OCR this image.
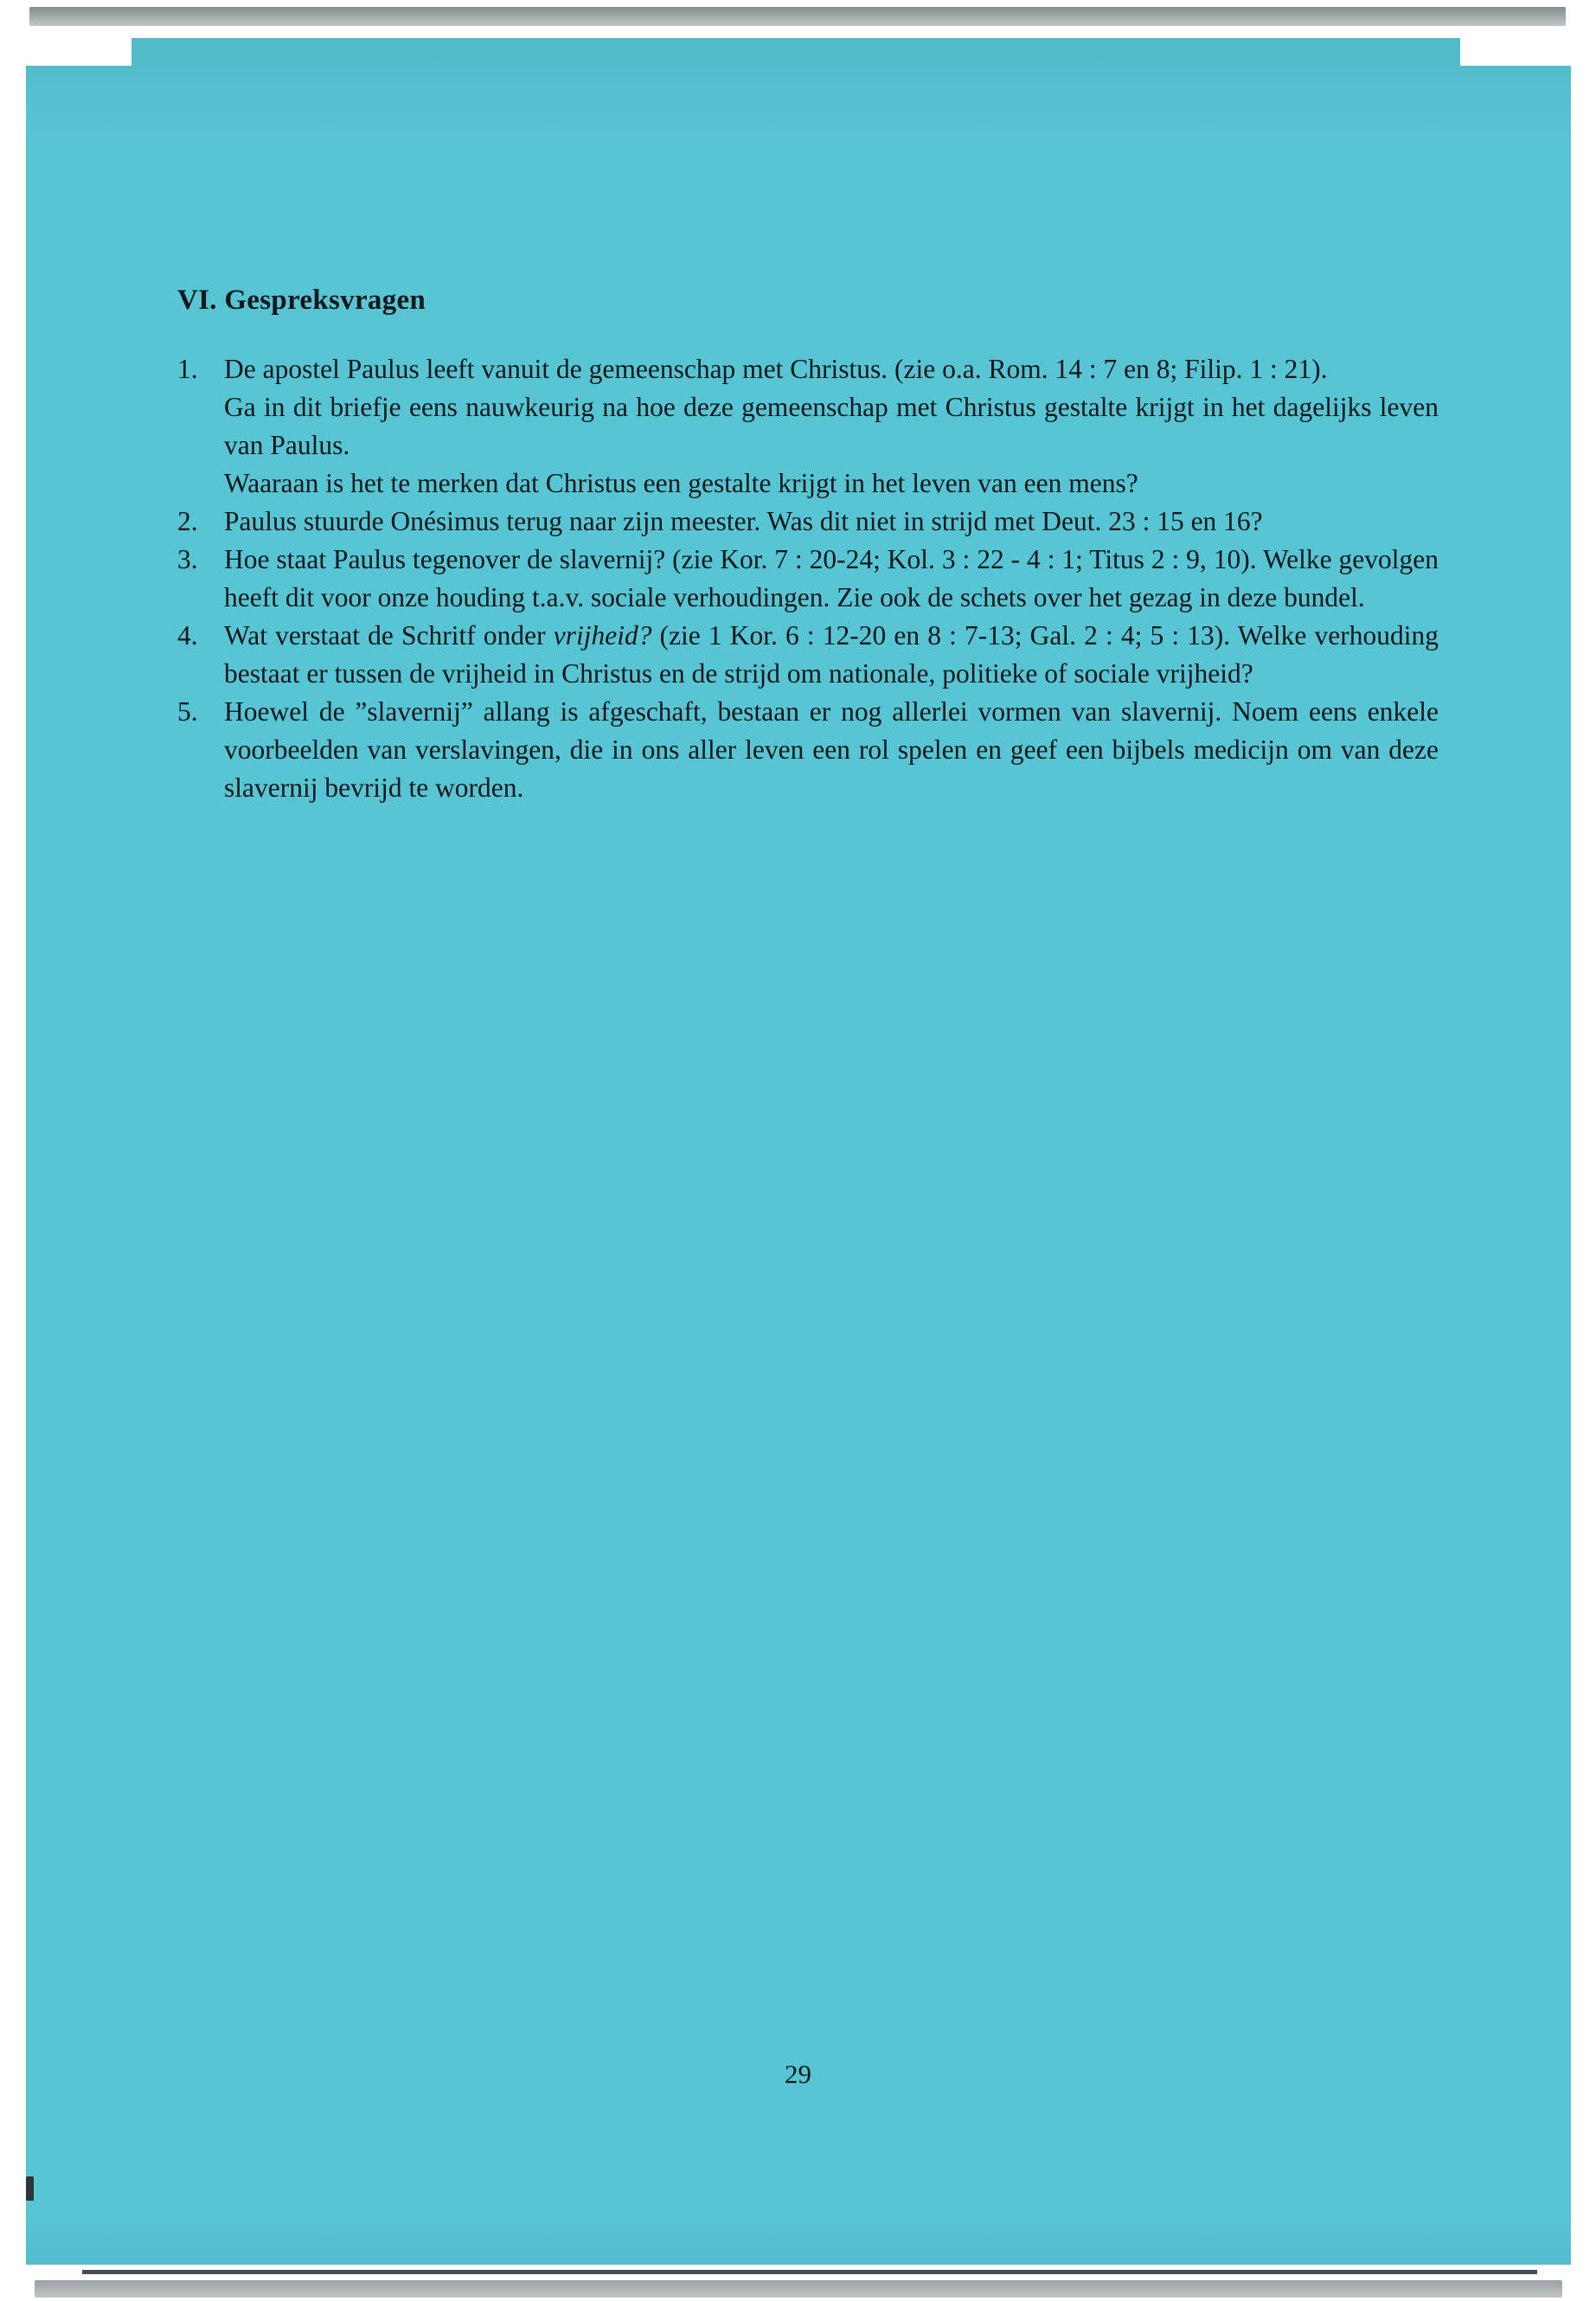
VI. Gespreksvragen
1. De apostel Paulus leeft vanuit de gemeenschap met Christus. (zie o.a. Rom. 14 : 7 en 8; Filip. 1 : 21).

Ga in dit briefje eens nauwkeurig na hoe deze gemeenschap met Christus gestalte krijgt in het dagelijks leven van Paulus.

Waaraan is het te merken dat Christus een gestalte krijgt in het leven van een mens?

2. Paulus stuurde Onésimus terug naar zijn meester. Was dit niet in strijd met Deut. 23 : 15 en 16?

3. Hoe staat Paulus tegenover de slavernij? (zie Kor. 7 : 20-24; Kol. 3 : 22 - 4 : 1; Titus 2 : 9, 10). Welke gevolgen heeft dit voor onze houding t.a.v. sociale verhoudingen. Zie ook de schets over het gezag in deze bundel.

4. Wat verstaat de Schritf onder vrijheid? (zie 1 Kor. 6 : 12-20 en 8 : 7-13; Gal. 2 : 4; 5 : 13). Welke verhouding bestaat er tussen de vrijheid in Christus en de strijd om nationale, politieke of sociale vrijheid?

5. Hoewel de ”slavernij” allang is afgeschaft, bestaan er nog allerlei vormen van slavernij. Noem eens enkele voorbeelden van verslavingen, die in ons aller leven een rol spelen en geef een bijbels medicijn om van deze slavernij bevrijd te worden.

29
